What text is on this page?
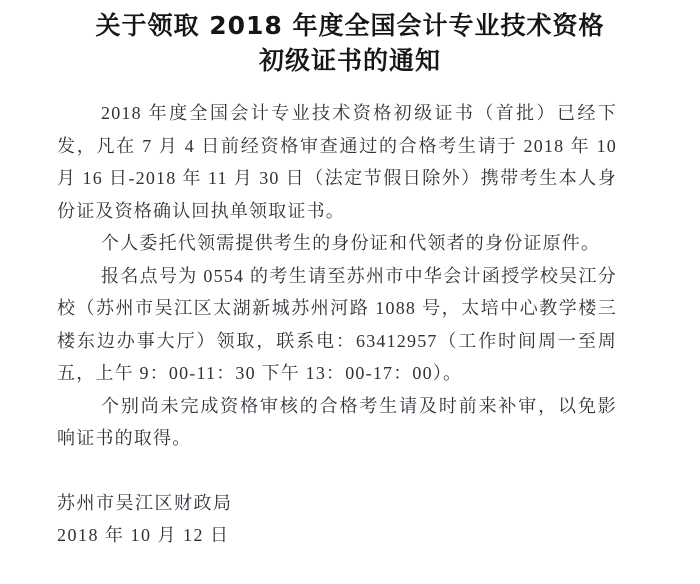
关于领取 2018 年度全国会计专业技术资格
初级证书的通知

2018 年度全国会计专业技术资格初级证书（首批）已经下发，凡在 7 月 4 日前经资格审查通过的合格考生请于 2018 年 10 月 16 日-2018 年 11 月 30 日（法定节假日除外）携带考生本人身份证及资格确认回执单领取证书。

个人委托代领需提供考生的身份证和代领者的身份证原件。

报名点号为 0554 的考生请至苏州市中华会计函授学校吴江分校（苏州市吴江区太湖新城苏州河路 1088 号，太培中心教学楼三楼东边办事大厅）领取，联系电：63412957（工作时间周一至周五，上午 9：00-11：30 下午 13：00-17：00）。

个别尚未完成资格审核的合格考生请及时前来补审，以免影响证书的取得。

苏州市吴江区财政局
2018 年 10 月 12 日
